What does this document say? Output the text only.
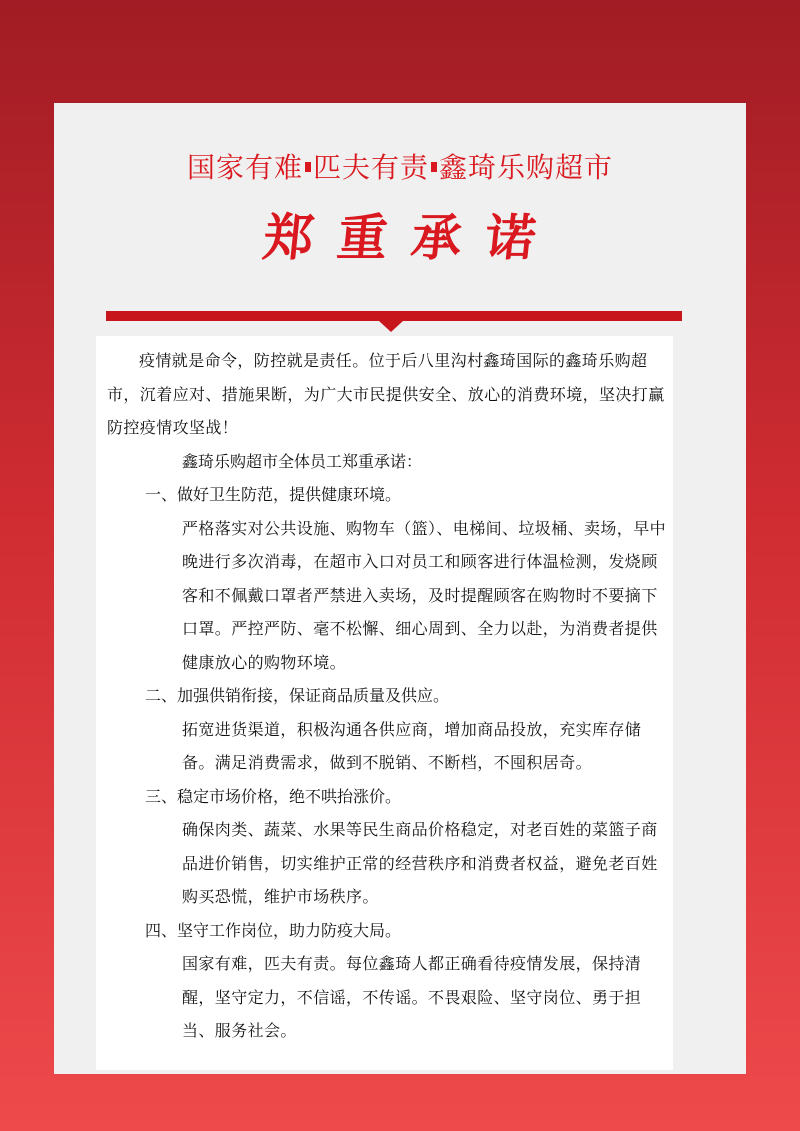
国家有难 匹夫有责 鑫琦乐购超市
郑重承诺

疫情就是命令，防控就是责任。位于后八里沟村鑫琦国际的鑫琦乐购超市，沉着应对、措施果断，为广大市民提供安全、放心的消费环境，坚决打赢防控疫情攻坚战！

鑫琦乐购超市全体员工郑重承诺：

一、做好卫生防范，提供健康环境。

严格落实对公共设施、购物车（篮）、电梯间、垃圾桶、卖场，早中晚进行多次消毒，在超市入口对员工和顾客进行体温检测，发烧顾客和不佩戴口罩者严禁进入卖场，及时提醒顾客在购物时不要摘下口罩。严控严防、毫不松懈、细心周到、全力以赴，为消费者提供健康放心的购物环境。

二、加强供销衔接，保证商品质量及供应。

拓宽进货渠道，积极沟通各供应商，增加商品投放，充实库存储备。满足消费需求，做到不脱销、不断档，不囤积居奇。

三、稳定市场价格，绝不哄抬涨价。

确保肉类、蔬菜、水果等民生商品价格稳定，对老百姓的菜篮子商品进价销售，切实维护正常的经营秩序和消费者权益，避免老百姓购买恐慌，维护市场秩序。

四、坚守工作岗位，助力防疫大局。

国家有难，匹夫有责。每位鑫琦人都正确看待疫情发展，保持清醒，坚守定力，不信谣，不传谣。不畏艰险、坚守岗位、勇于担当、服务社会。
